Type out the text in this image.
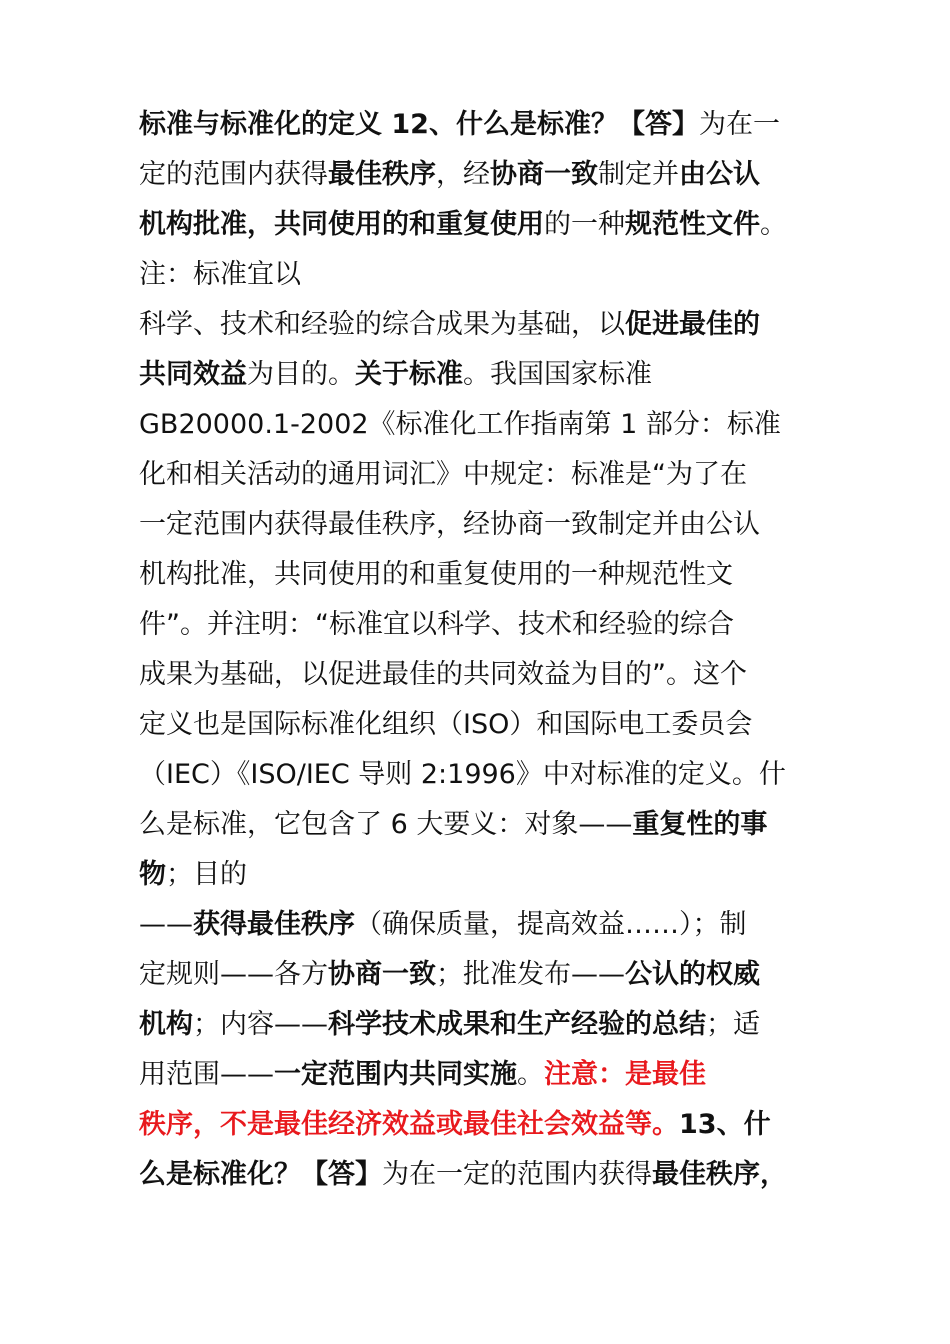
标准与标准化的定义 12、什么是标准？【答】为在一
定的范围内获得最佳秩序，经协商一致制定并由公认
机构批准，共同使用的和重复使用的一种规范性文件。
注：标准宜以
科学、技术和经验的综合成果为基础，以促进最佳的
共同效益为目的。关于标准。我国国家标准
GB20000.1-2002《标准化工作指南第 1 部分：标准
化和相关活动的通用词汇》中规定：标准是“为了在
一定范围内获得最佳秩序，经协商一致制定并由公认
机构批准，共同使用的和重复使用的一种规范性文
件”。并注明：“标准宜以科学、技术和经验的综合
成果为基础，以促进最佳的共同效益为目的”。这个
定义也是国际标准化组织（ISO）和国际电工委员会
（IEC）《ISO/IEC 导则 2:1996》中对标准的定义。什
么是标准，它包含了 6 大要义：对象——重复性的事
物；目的
——获得最佳秩序（确保质量，提高效益……）；制
定规则——各方协商一致；批准发布——公认的权威
机构；内容——科学技术成果和生产经验的总结；适
用范围——一定范围内共同实施。注意：是最佳
秩序，不是最佳经济效益或最佳社会效益等。13、什
么是标准化？【答】为在一定的范围内获得最佳秩序，
